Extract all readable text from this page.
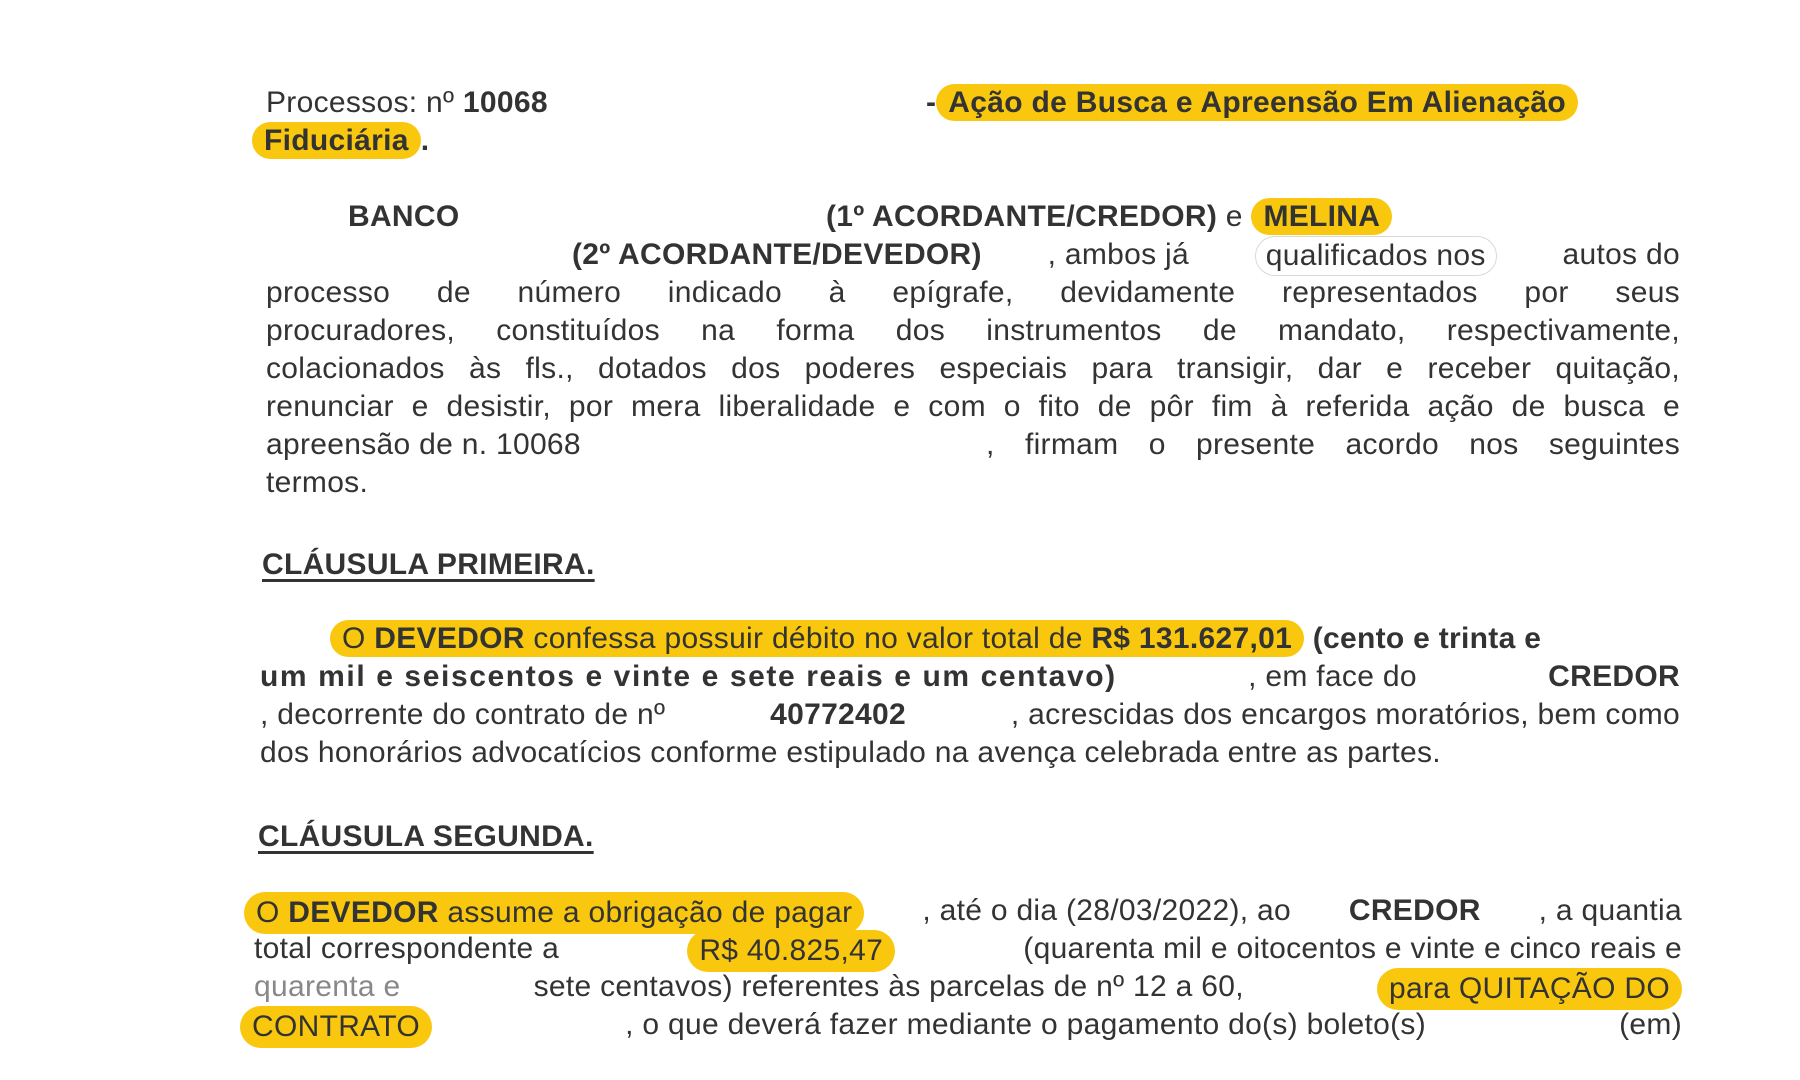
Processos: nº 10068	- Ação de Busca e Apreensão Em Alienação
Fiduciária .
BANCO	(1º ACORDANTE/CREDOR) e MELINA
(2º ACORDANTE/DEVEDOR) , ambos já	qualificados nos	autos do
processo de número indicado à epígrafe, devidamente representados por seus
procuradores, constituídos na forma dos instrumentos de mandato, respectivamente,
colacionados às fls., dotados dos poderes especiais para transigir, dar e receber quitação,
renunciar e desistir, por mera liberalidade e com o fito de pôr fim à referida ação de busca e
apreensão de n. 10068	, firmam o presente acordo nos seguintes
termos.
CLÁUSULA PRIMEIRA.
O DEVEDOR confessa possuir débito no valor total de R$ 131.627,01 (cento e trinta e
um mil e seiscentos e vinte e sete reais e um centavo)	, em face do	CREDOR
, decorrente do contrato de nº	40772402	, acrescidas dos encargos moratórios, bem como
dos honorários advocatícios conforme estipulado na avença celebrada entre as partes.
CLÁUSULA SEGUNDA.
O DEVEDOR assume a obrigação de pagar	, até o dia (28/03/2022), ao CREDOR , a quantia
total correspondente a	R$ 40.825,47	(quarenta mil e oitocentos e vinte e cinco reais e
quarenta e	sete centavos) referentes às parcelas de nº 12 a 60,	para QUITAÇÃO DO
CONTRATO	, o que deverá fazer mediante o pagamento do(s) boleto(s)	(em)
